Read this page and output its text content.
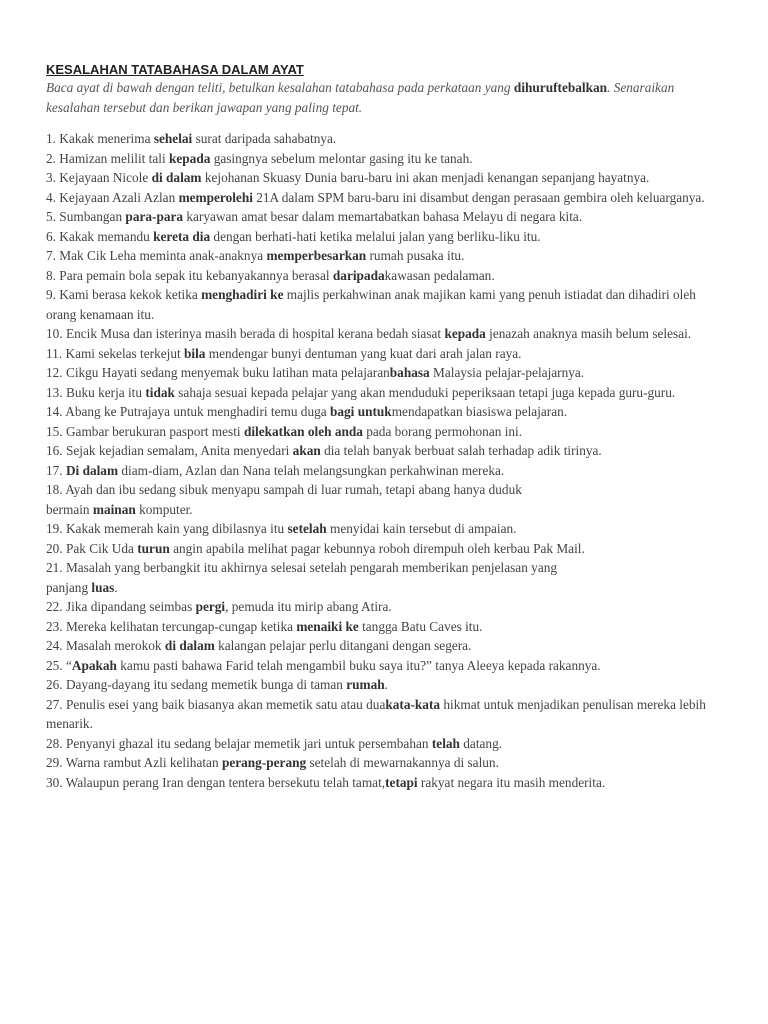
KESALAHAN TATABAHASA DALAM AYAT

Baca ayat di bawah dengan teliti, betulkan kesalahan tatabahasa pada perkataan yang dihuruftebalkan. Senaraikan kesalahan tersebut dan berikan jawapan yang paling tepat.

1. Kakak menerima sehelai surat daripada sahabatnya.
2. Hamizan melilit tali kepada gasingnya sebelum melontar gasing itu ke tanah.
3. Kejayaan Nicole di dalam kejohanan Skuasy Dunia baru-baru ini akan menjadi kenangan sepanjang hayatnya.
4. Kejayaan Azali Azlan memperolehi 21A dalam SPM baru-baru ini disambut dengan perasaan gembira oleh keluarganya.
5. Sumbangan para-para karyawan amat besar dalam memartabatkan bahasa Melayu di negara kita.
6. Kakak memandu kereta dia dengan berhati-hati ketika melalui jalan yang berliku-liku itu.
7. Mak Cik Leha meminta anak-anaknya memperbesarkan rumah pusaka itu.
8. Para pemain bola sepak itu kebanyakannya berasal daripadakawasan pedalaman.
9. Kami berasa kekok ketika menghadiri ke majlis perkahwinan anak majikan kami yang penuh istiadat dan dihadiri oleh orang kenamaan itu.
10. Encik Musa dan isterinya masih berada di hospital kerana bedah siasat kepada jenazah anaknya masih belum selesai.
11. Kami sekelas terkejut bila mendengar bunyi dentuman yang kuat dari arah jalan raya.
12. Cikgu Hayati sedang menyemak buku latihan mata pelajaranbahasa Malaysia pelajar-pelajarnya.
13. Buku kerja itu tidak sahaja sesuai kepada pelajar yang akan menduduki peperiksaan tetapi juga kepada guru-guru.
14. Abang ke Putrajaya untuk menghadiri temu duga bagi untukmendapatkan biasiswa pelajaran.
15. Gambar berukuran pasport mesti dilekatkan oleh anda pada borang permohonan ini.
16. Sejak kejadian semalam, Anita menyedari akan dia telah banyak berbuat salah terhadap adik tirinya.
17. Di dalam diam-diam, Azlan dan Nana telah melangsungkan perkahwinan mereka.
18. Ayah dan ibu sedang sibuk menyapu sampah di luar rumah, tetapi abang hanya duduk
bermain mainan komputer.
19. Kakak memerah kain yang dibilasnya itu setelah menyidai kain tersebut di ampaian.
20. Pak Cik Uda turun angin apabila melihat pagar kebunnya roboh dirempuh oleh kerbau Pak Mail.
21. Masalah yang berbangkit itu akhirnya selesai setelah pengarah memberikan penjelasan yang
panjang luas.
22. Jika dipandang seimbas pergi, pemuda itu mirip abang Atira.
23. Mereka kelihatan tercungap-cungap ketika menaiki ke tangga Batu Caves itu.
24. Masalah merokok di dalam kalangan pelajar perlu ditangani dengan segera.
25. “Apakah kamu pasti bahawa Farid telah mengambil buku saya itu?” tanya Aleeya kepada rakannya.
26. Dayang-dayang itu sedang memetik bunga di taman rumah.
27. Penulis esei yang baik biasanya akan memetik satu atau duakata-kata hikmat untuk menjadikan penulisan mereka lebih menarik.
28. Penyanyi ghazal itu sedang belajar memetik jari untuk persembahan telah datang.
29. Warna rambut Azli kelihatan perang-perang setelah di mewarnakannya di salun.
30. Walaupun perang Iran dengan tentera bersekutu telah tamat,tetapi rakyat negara itu masih menderita.
